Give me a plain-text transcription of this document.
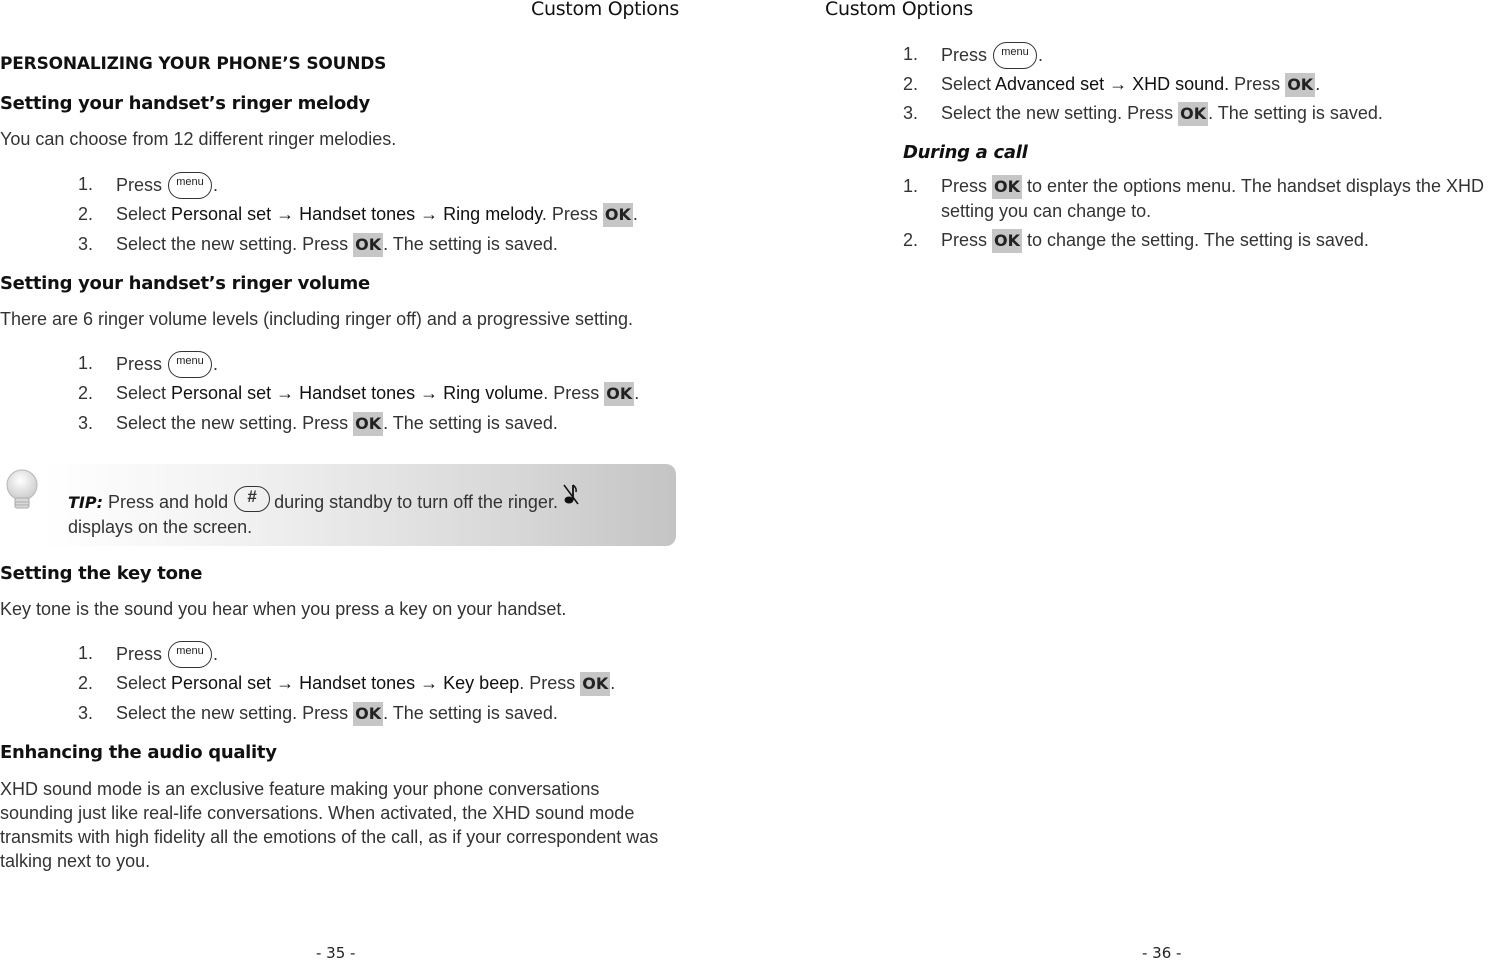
Custom Options
PERSONALIZING YOUR PHONE’S SOUNDS
Setting your handset’s ringer melody

You can choose from 12 different ringer melodies.

1. Press menu .
2. Select Personal set → Handset tones → Ring melody. Press OK .
3. Select the new setting. Press OK . The setting is saved.
Setting your handset’s ringer volume

There are 6 ringer volume levels (including ringer off) and a progressive setting.

1. Press menu .
2. Select Personal set → Handset tones → Ring volume. Press OK .
3. Select the new setting. Press OK . The setting is saved.
TIP: Press and hold # during standby to turn off the ringer.
displays on the screen.
Setting the key tone

Key tone is the sound you hear when you press a key on your handset.

1. Press menu .
2. Select Personal set → Handset tones → Key beep. Press OK .
3. Select the new setting. Press OK . The setting is saved.
Enhancing the audio quality

XHD sound mode is an exclusive feature making your phone conversations sounding just like real-life conversations. When activated, the XHD sound mode transmits with high fidelity all the emotions of the call, as if your correspondent was talking next to you.

- 35 -
Custom Options
1. Press menu .
2. Select Advanced set → XHD sound. Press OK .
3. Select the new setting. Press OK . The setting is saved.
During a call
1. Press OK to enter the options menu. The handset displays the XHD setting you can change to.
2. Press OK to change the setting. The setting is saved.
- 36 -
